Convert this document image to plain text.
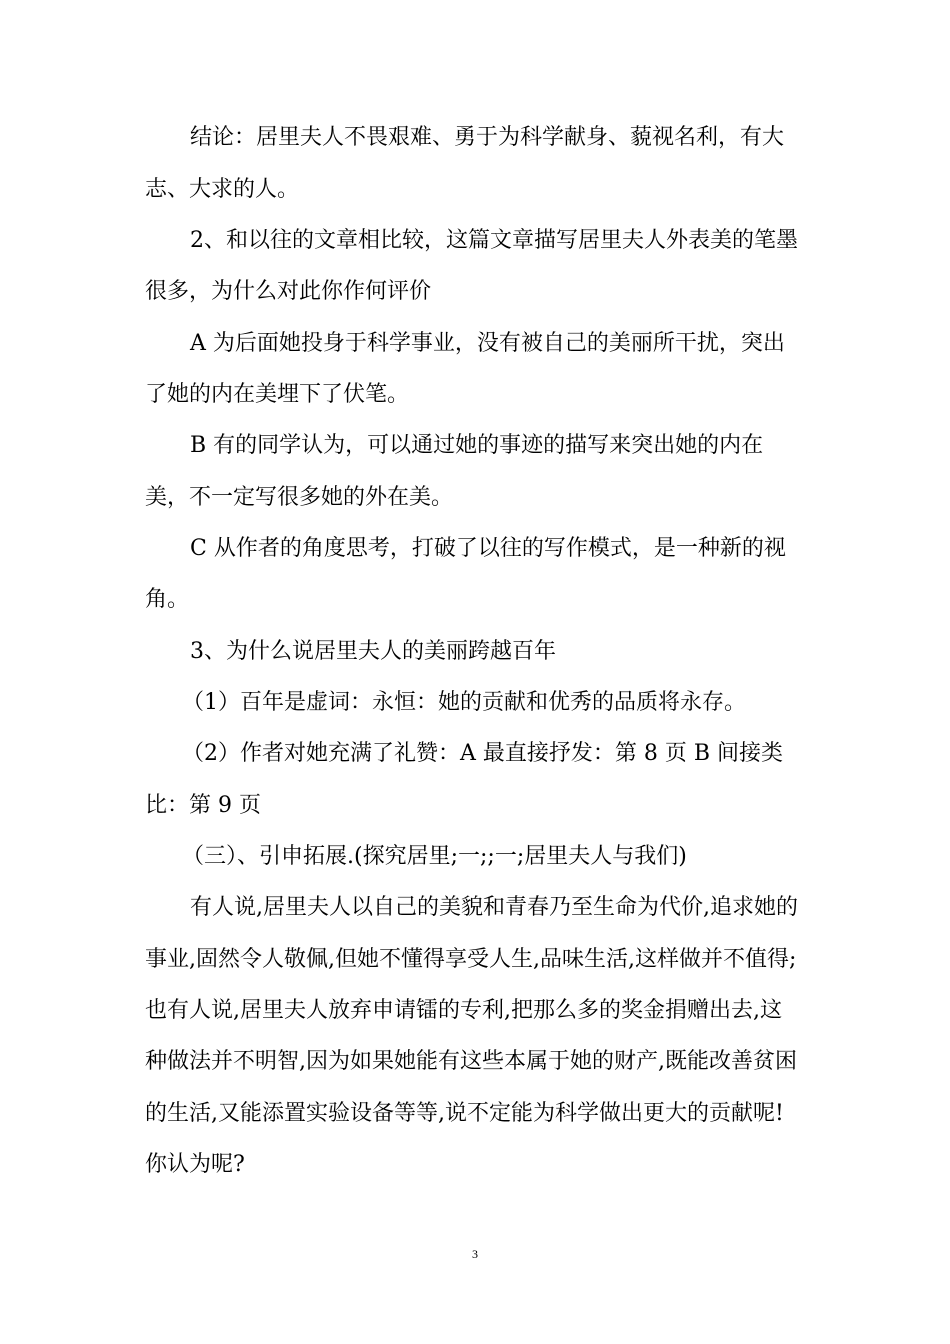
结论：居里夫人不畏艰难、勇于为科学献身、藐视名利，有大
志、大求的人。
2、和以往的文章相比较，这篇文章描写居里夫人外表美的笔墨
很多，为什么对此你作何评价
A 为后面她投身于科学事业，没有被自己的美丽所干扰，突出
了她的内在美埋下了伏笔。
B 有的同学认为，可以通过她的事迹的描写来突出她的内在
美，不一定写很多她的外在美。
C 从作者的角度思考，打破了以往的写作模式，是一种新的视
角。
3、为什么说居里夫人的美丽跨越百年
（1）百年是虚词：永恒：她的贡献和优秀的品质将永存。
（2）作者对她充满了礼赞：A 最直接抒发：第 8 页 B 间接类
比：第 9 页
（三）、引申拓展.(探究居里;一;;一;居里夫人与我们)
有人说,居里夫人以自己的美貌和青春乃至生命为代价,追求她的
事业,固然令人敬佩,但她不懂得享受人生,品味生活,这样做并不值得;
也有人说,居里夫人放弃申请镭的专利,把那么多的奖金捐赠出去,这
种做法并不明智,因为如果她能有这些本属于她的财产,既能改善贫困
的生活,又能添置实验设备等等,说不定能为科学做出更大的贡献呢!
你认为呢?
3
